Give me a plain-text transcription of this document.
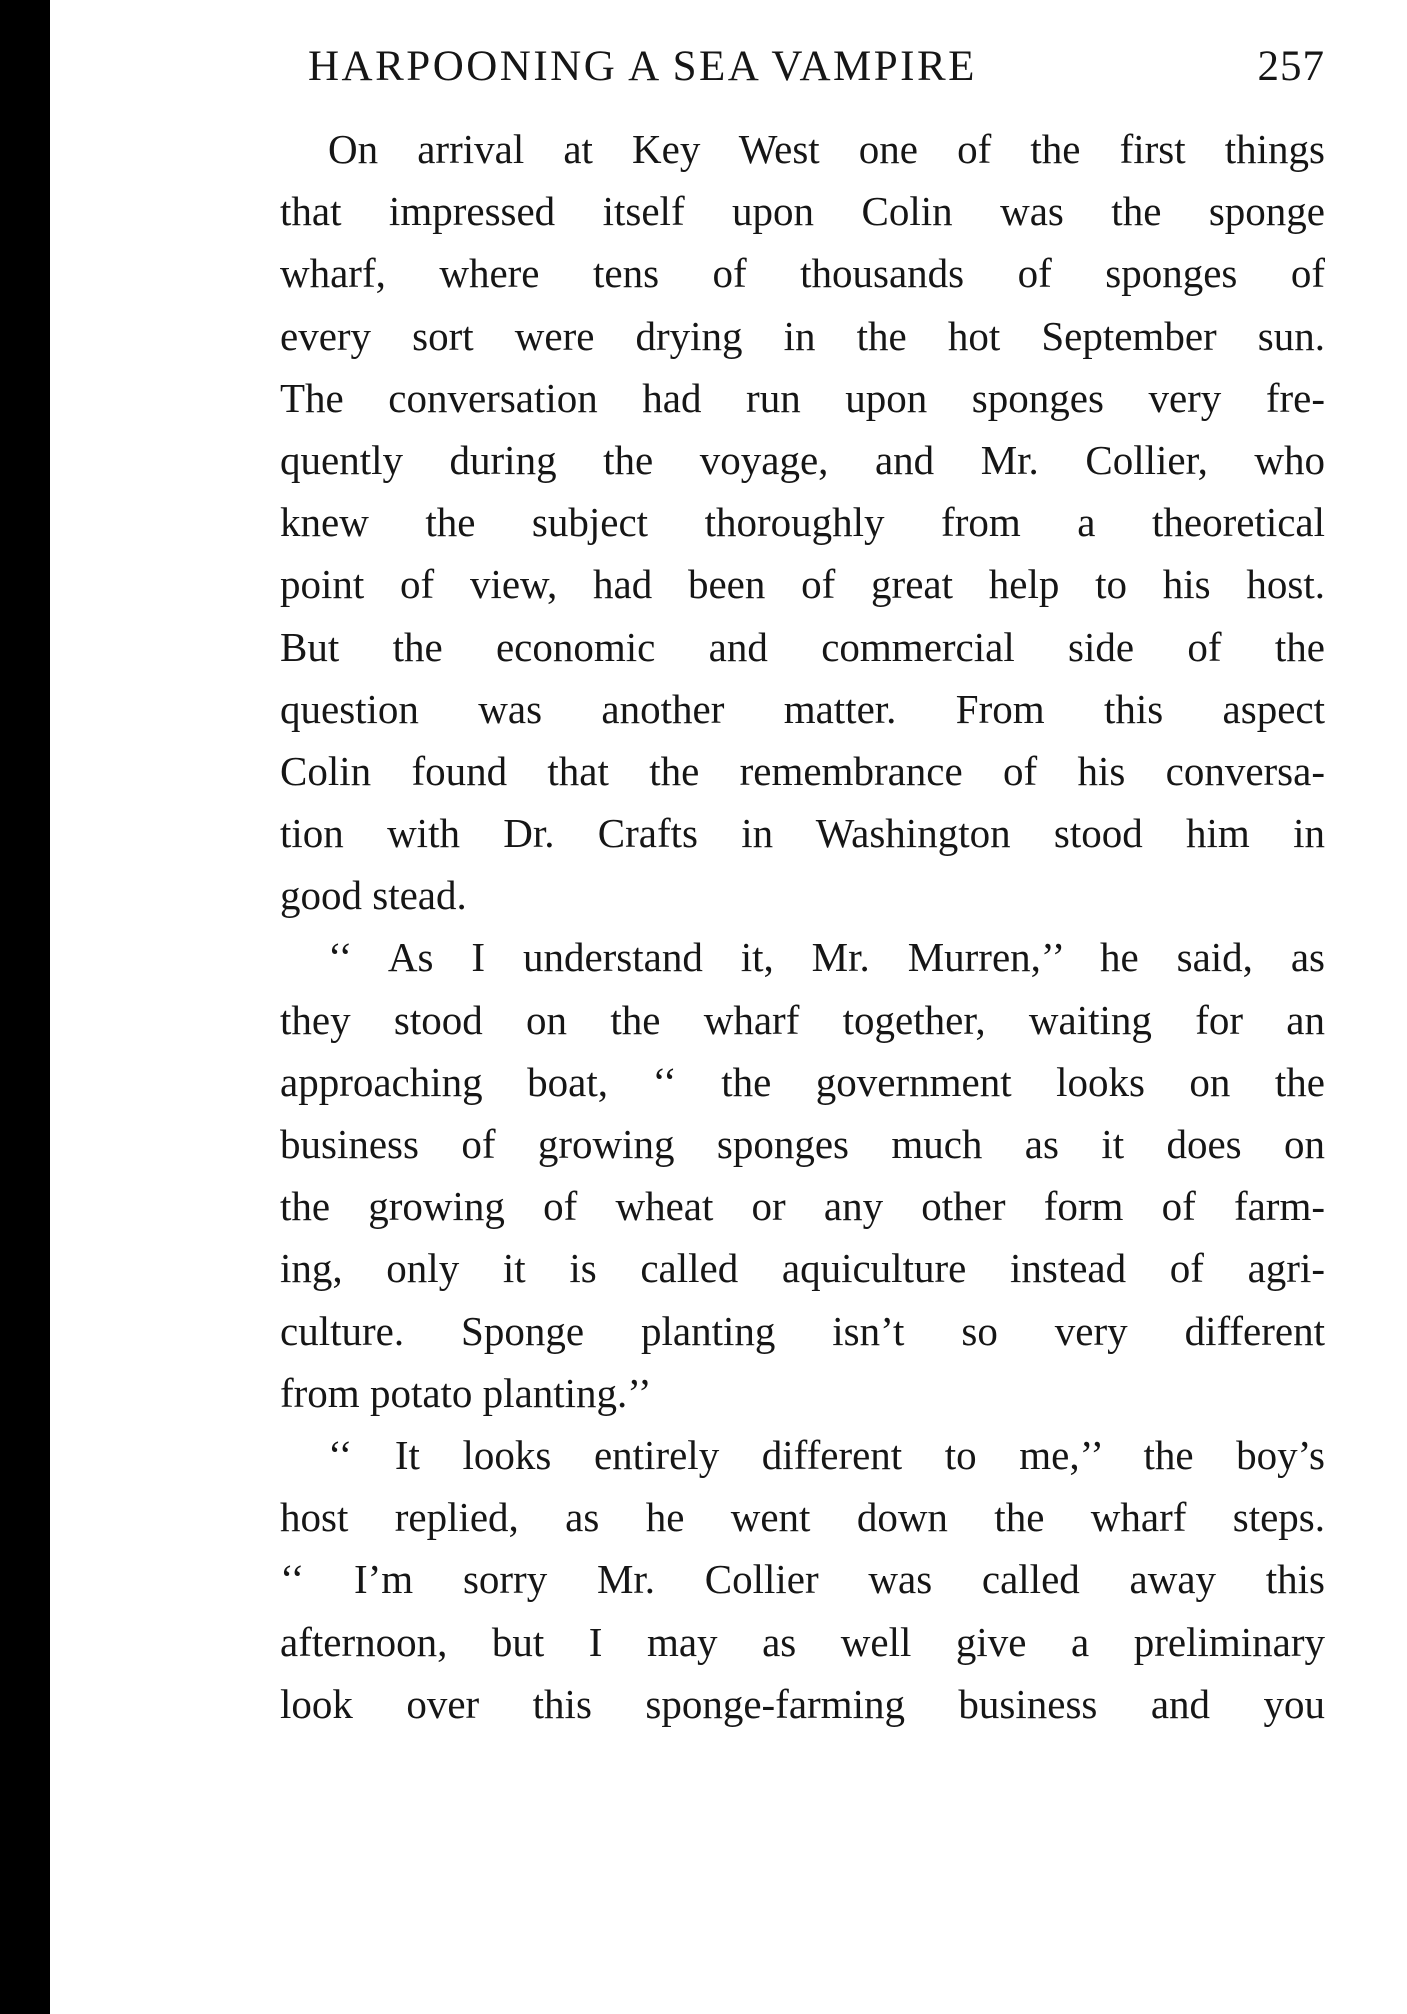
HARPOONING A SEA VAMPIRE	257
On arrival at Key West one of the first things
that impressed itself upon Colin was the sponge
wharf, where tens of thousands of sponges of
every sort were drying in the hot September sun.
The conversation had run upon sponges very fre-
quently during the voyage, and Mr. Collier, who
knew the subject thoroughly from a theoretical
point of view, had been of great help to his host.
But the economic and commercial side of the
question was another matter. From this aspect
Colin found that the remembrance of his conversa-
tion with Dr. Crafts in Washington stood him in
good stead.
‘‘ As I understand it, Mr. Murren,’’ he said, as
they stood on the wharf together, waiting for an
approaching boat, ‘‘ the government looks on the
business of growing sponges much as it does on
the growing of wheat or any other form of farm-
ing, only it is called aquiculture instead of agri-
culture. Sponge planting isn’t so very different
from potato planting.’’
‘‘ It looks entirely different to me,’’ the boy’s
host replied, as he went down the wharf steps.
‘‘ I’m sorry Mr. Collier was called away this
afternoon, but I may as well give a preliminary
look over this sponge-farming business and you
